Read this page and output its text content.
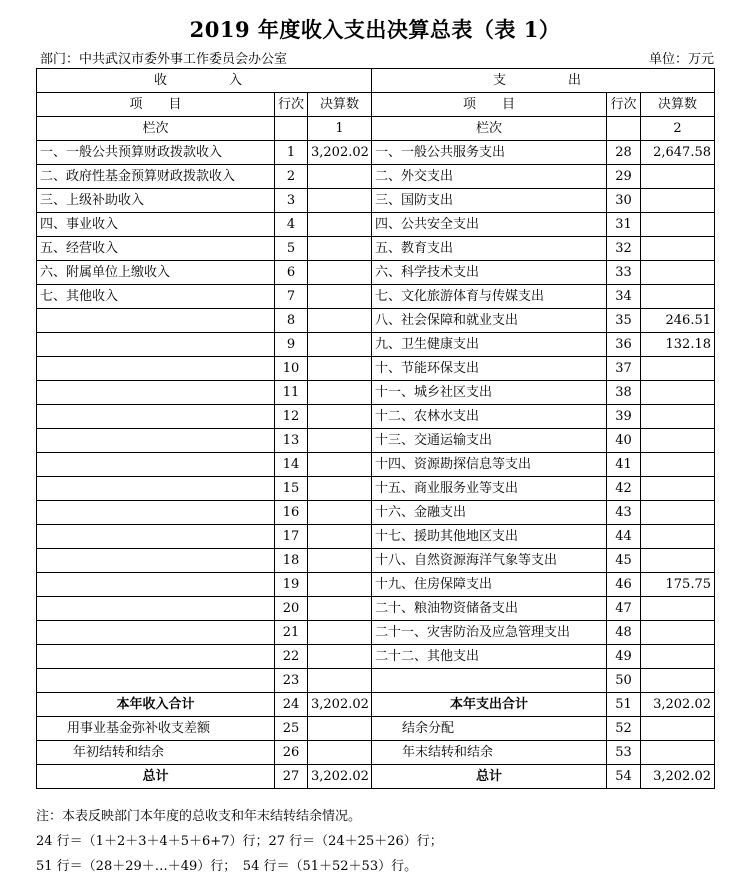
2019 年度收入支出决算总表（表 1）
部门：中共武汉市委外事工作委员会办公室	单位：万元
收　　入			支　　出		
项　　目	行次	决算数	项　　目	行次	决算数
栏次		1	栏次		2
一、一般公共预算财政拨款收入	1	3,202.02	一、一般公共服务支出	28	2,647.58
二、政府性基金预算财政拨款收入	2		二、外交支出	29	
三、上级补助收入	3		三、国防支出	30	
四、事业收入	4		四、公共安全支出	31	
五、经营收入	5		五、教育支出	32	
六、附属单位上缴收入	6		六、科学技术支出	33	
七、其他收入	7		七、文化旅游体育与传媒支出	34	
	8		八、社会保障和就业支出	35	246.51
	9		九、卫生健康支出	36	132.18
	10		十、节能环保支出	37	
	11		十一、城乡社区支出	38	
	12		十二、农林水支出	39	
	13		十三、交通运输支出	40	
	14		十四、资源勘探信息等支出	41	
	15		十五、商业服务业等支出	42	
	16		十六、金融支出	43	
	17		十七、援助其他地区支出	44	
	18		十八、自然资源海洋气象等支出	45	
	19		十九、住房保障支出	46	175.75
	20		二十、粮油物资储备支出	47	
	21		二十一、灾害防治及应急管理支出	48	
	22		二十二、其他支出	49	
	23			50	
本年收入合计	24	3,202.02	本年支出合计	51	3,202.02
用事业基金弥补收支差额	25		结余分配	52	
年初结转和结余	26		年末结转和结余	53	
总计	27	3,202.02	总计	54	3,202.02
注：本表反映部门本年度的总收支和年末结转结余情况。
24 行＝（1＋2＋3＋4＋5＋6+7）行；27 行＝（24＋25＋26）行；
51 行＝（28＋29＋…＋49）行；　54 行＝（51＋52＋53）行。
